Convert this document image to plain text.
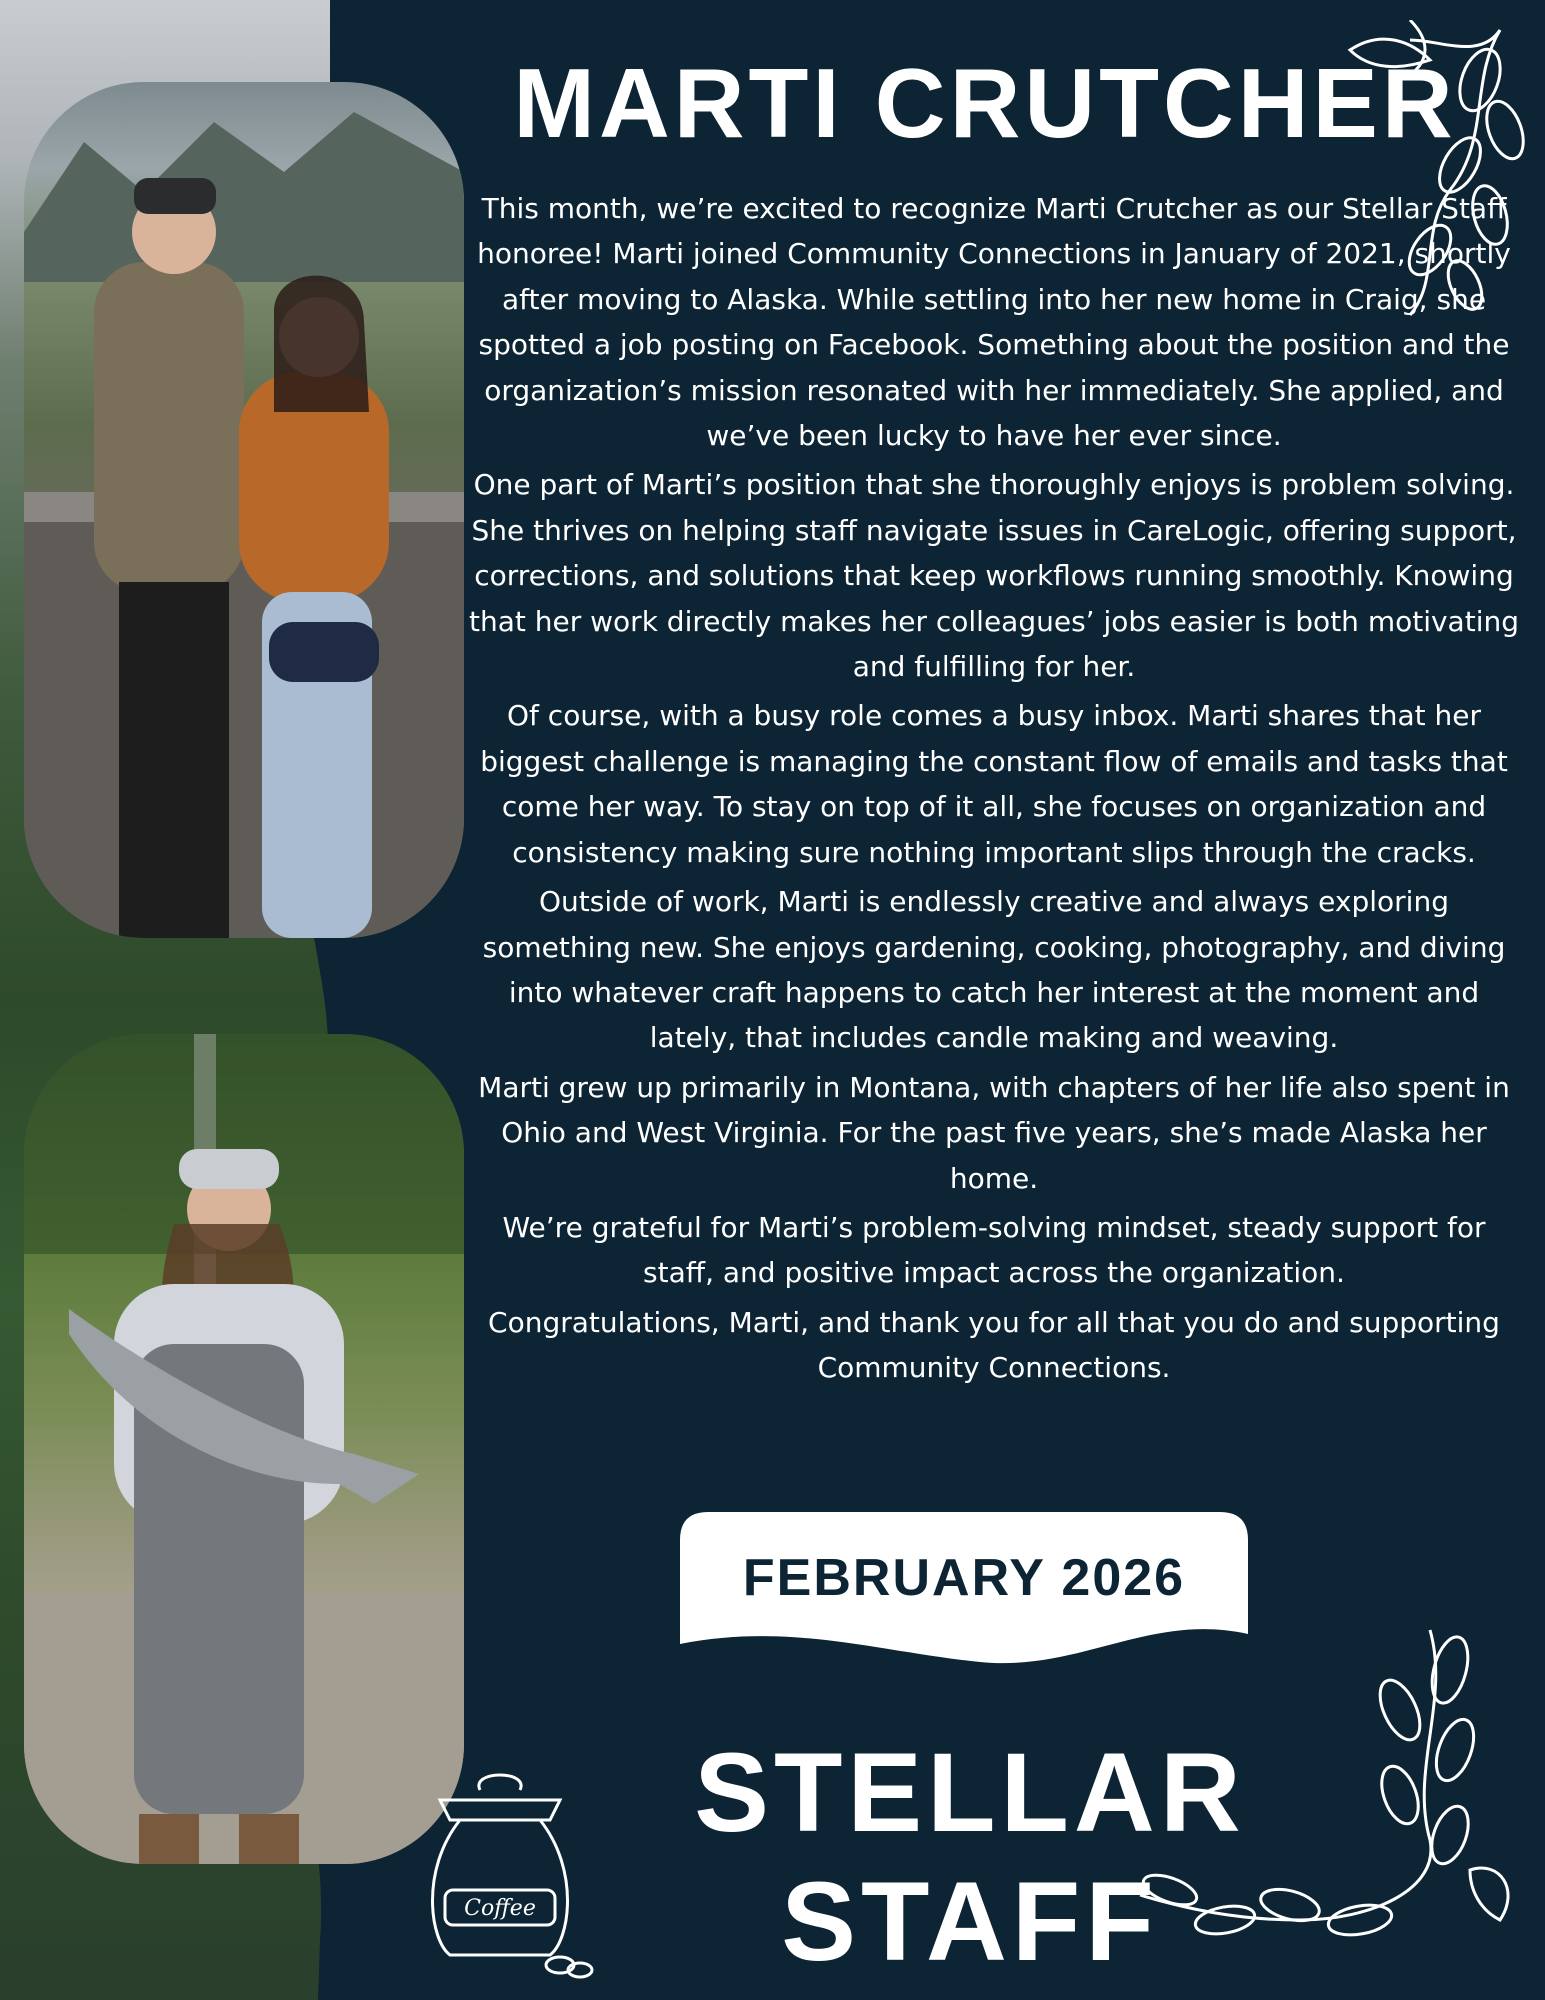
MARTI CRUTCHER

This month, we’re excited to recognize Marti Crutcher as our Stellar Staff honoree! Marti joined Community Connections in January of 2021, shortly after moving to Alaska. While settling into her new home in Craig, she spotted a job posting on Facebook. Something about the position and the organization’s mission resonated with her immediately. She applied, and we’ve been lucky to have her ever since.

One part of Marti’s position that she thoroughly enjoys is problem solving. She thrives on helping staff navigate issues in CareLogic, offering support, corrections, and solutions that keep workflows running smoothly. Knowing that her work directly makes her colleagues’ jobs easier is both motivating and fulfilling for her.

Of course, with a busy role comes a busy inbox. Marti shares that her biggest challenge is managing the constant flow of emails and tasks that come her way. To stay on top of it all, she focuses on organization and consistency making sure nothing important slips through the cracks.

Outside of work, Marti is endlessly creative and always exploring something new. She enjoys gardening, cooking, photography, and diving into whatever craft happens to catch her interest at the moment and lately, that includes candle making and weaving.

Marti grew up primarily in Montana, with chapters of her life also spent in Ohio and West Virginia. For the past five years, she’s made Alaska her home.

We’re grateful for Marti’s problem-solving mindset, steady support for staff, and positive impact across the organization.

Congratulations, Marti, and thank you for all that you do and supporting Community Connections.

FEBRUARY 2026
STELLAR STAFF
Coffee
